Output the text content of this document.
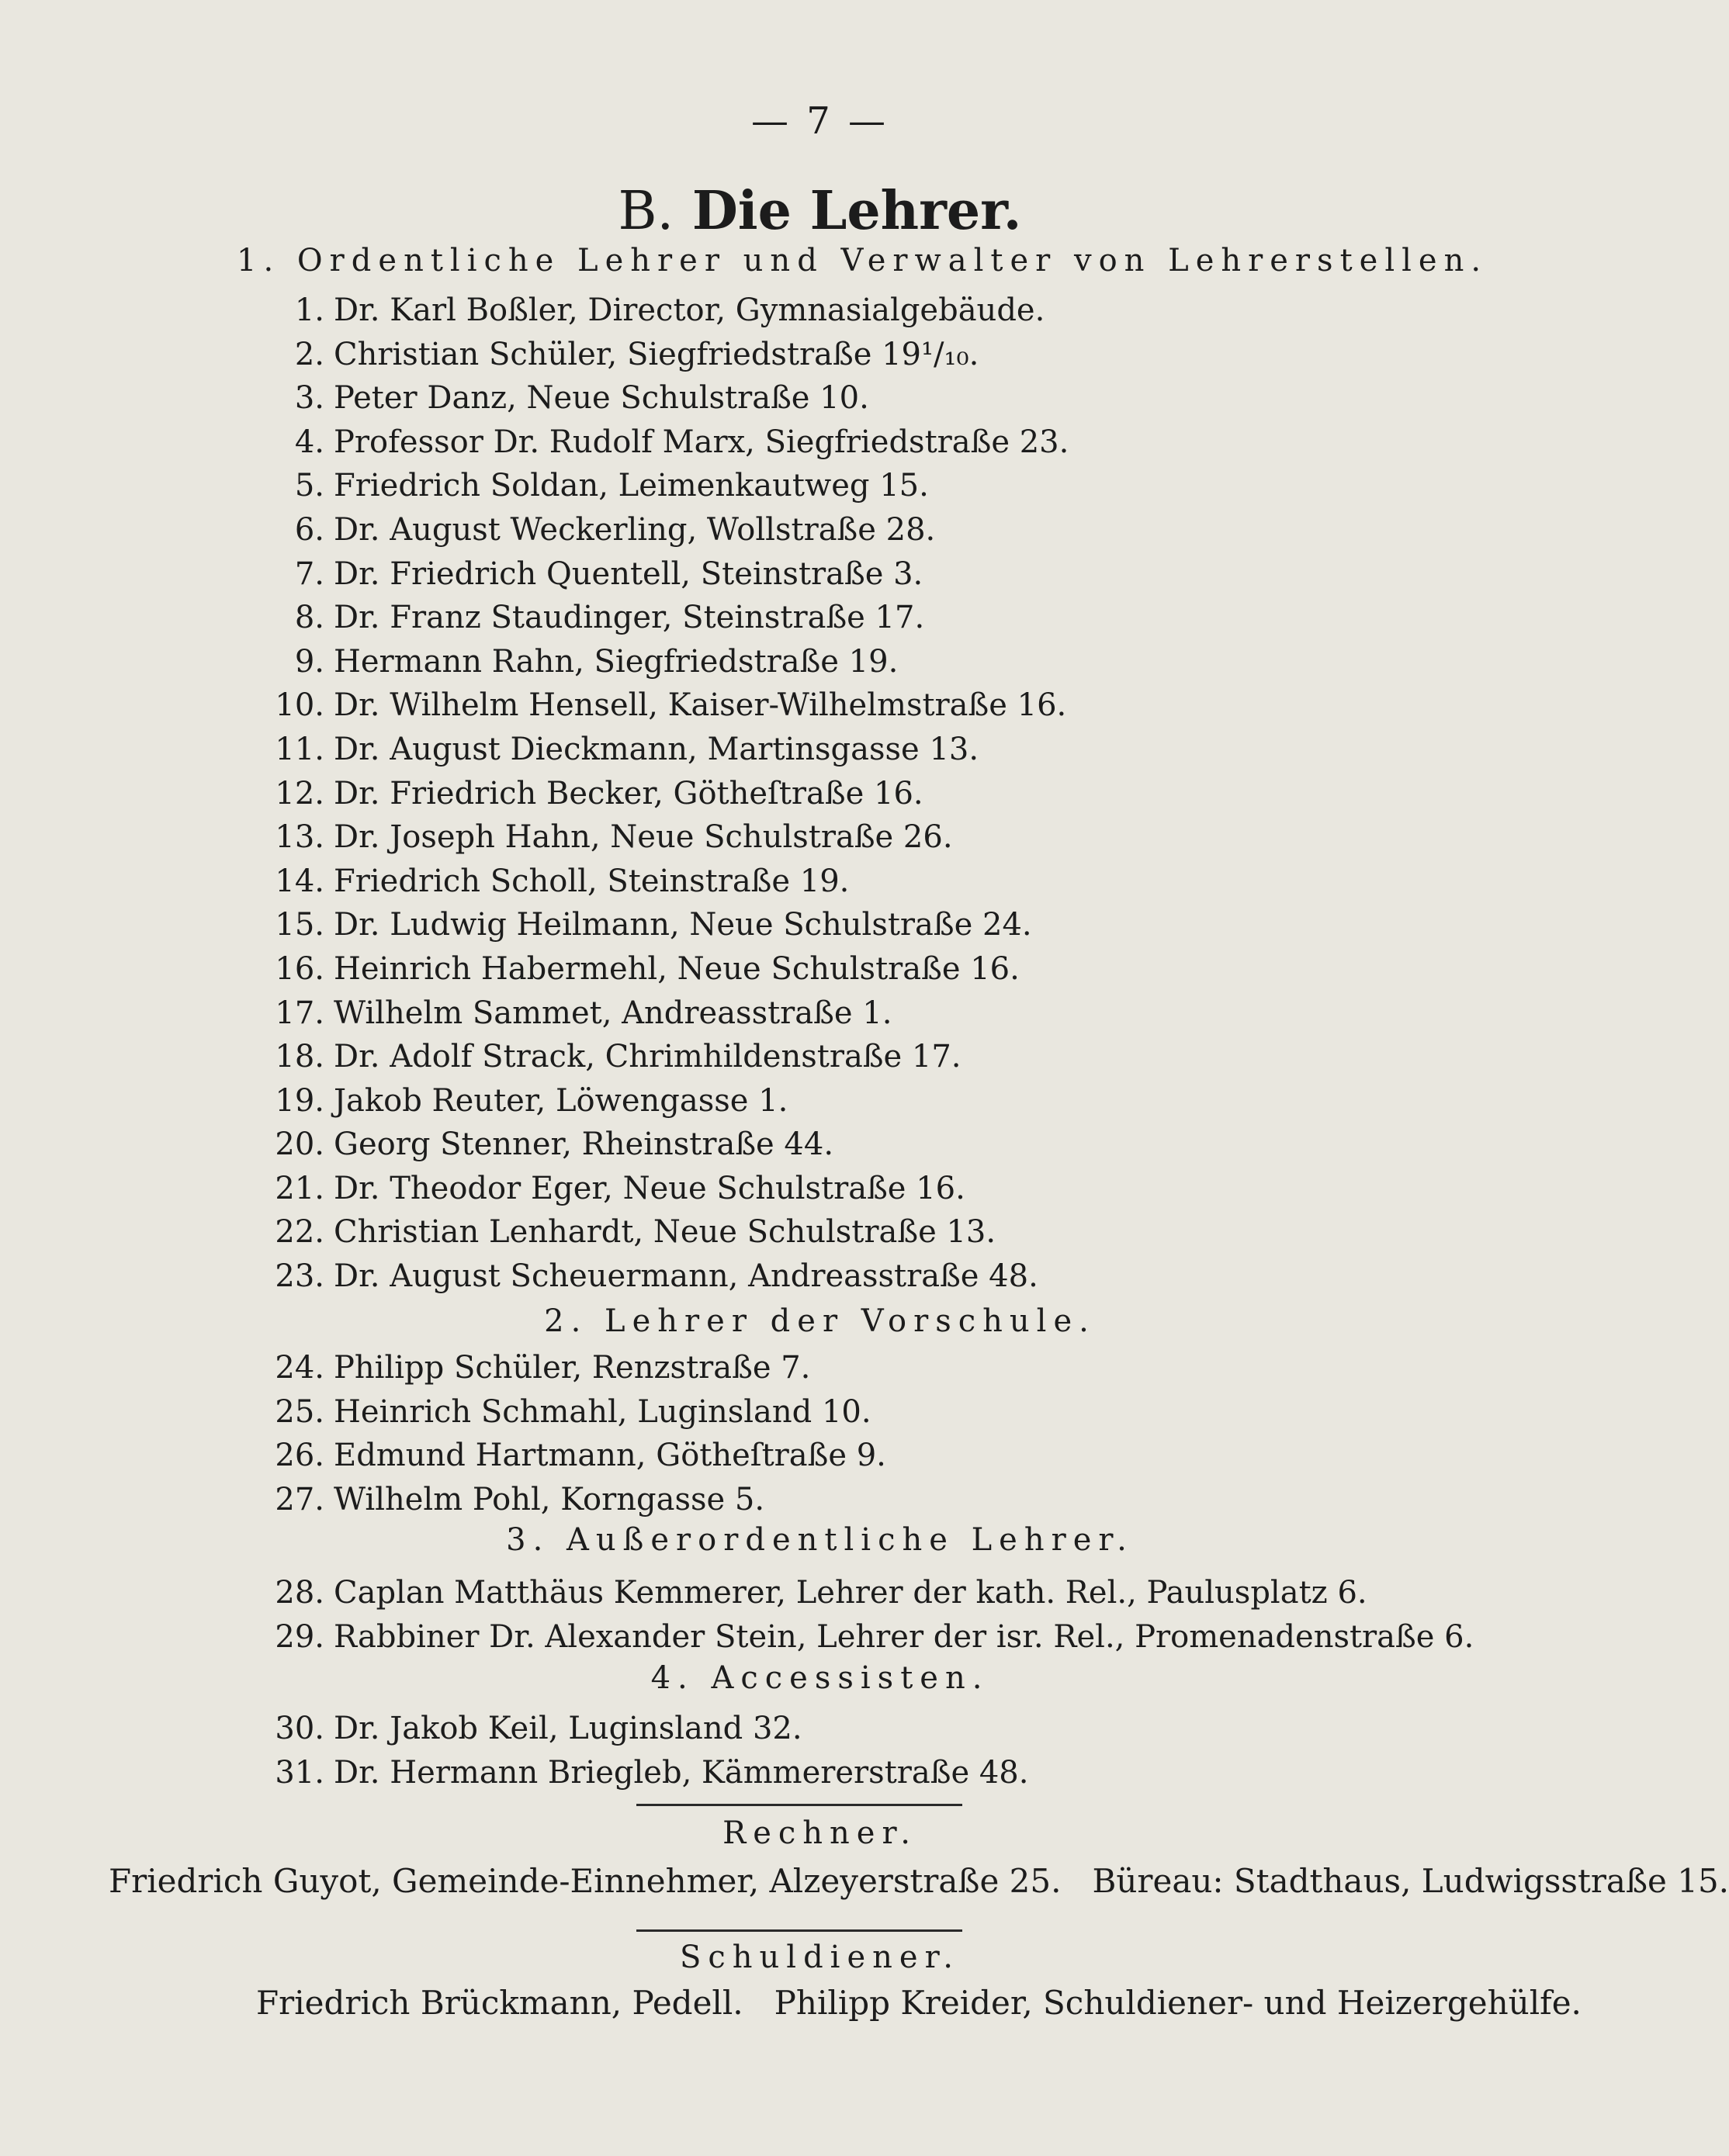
— 7 —
B. Die Lehrer.
1. Ordentliche Lehrer und Verwalter von Lehrerstellen.
1. Dr. Karl Boßler, Director, Gymnasialgebäude.
2. Christian Schüler, Siegfriedstraße 19¹/₁₀.
3. Peter Danz, Neue Schulstraße 10.
4. Professor Dr. Rudolf Marx, Siegfriedstraße 23.
5. Friedrich Soldan, Leimenkautweg 15.
6. Dr. August Weckerling, Wollstraße 28.
7. Dr. Friedrich Quentell, Steinstraße 3.
8. Dr. Franz Staudinger, Steinstraße 17.
9. Hermann Rahn, Siegfriedstraße 19.
10. Dr. Wilhelm Hensell, Kaiser-Wilhelmstraße 16.
11. Dr. August Dieckmann, Martinsgasse 13.
12. Dr. Friedrich Becker, Götheſtraße 16.
13. Dr. Joseph Hahn, Neue Schulstraße 26.
14. Friedrich Scholl, Steinstraße 19.
15. Dr. Ludwig Heilmann, Neue Schulstraße 24.
16. Heinrich Habermehl, Neue Schulstraße 16.
17. Wilhelm Sammet, Andreasstraße 1.
18. Dr. Adolf Strack, Chrimhildenstraße 17.
19. Jakob Reuter, Löwengasse 1.
20. Georg Stenner, Rheinstraße 44.
21. Dr. Theodor Eger, Neue Schulstraße 16.
22. Christian Lenhardt, Neue Schulstraße 13.
23. Dr. August Scheuermann, Andreasstraße 48.
2. Lehrer der Vorschule.
24. Philipp Schüler, Renzstraße 7.
25. Heinrich Schmahl, Luginsland 10.
26. Edmund Hartmann, Götheſtraße 9.
27. Wilhelm Pohl, Korngasse 5.
3. Außerordentliche Lehrer.
28. Caplan Matthäus Kemmerer, Lehrer der kath. Rel., Paulusplatz 6.
29. Rabbiner Dr. Alexander Stein, Lehrer der isr. Rel., Promenadenstraße 6.
4. Accessisten.
30. Dr. Jakob Keil, Luginsland 32.
31. Dr. Hermann Briegleb, Kämmererstraße 48.
Rechner.
Friedrich Guyot, Gemeinde-Einnehmer, Alzeyerstraße 25. Büreau: Stadthaus, Ludwigsstraße 15.
Schuldiener.
Friedrich Brückmann, Pedell. Philipp Kreider, Schuldiener- und Heizergehülfe.
